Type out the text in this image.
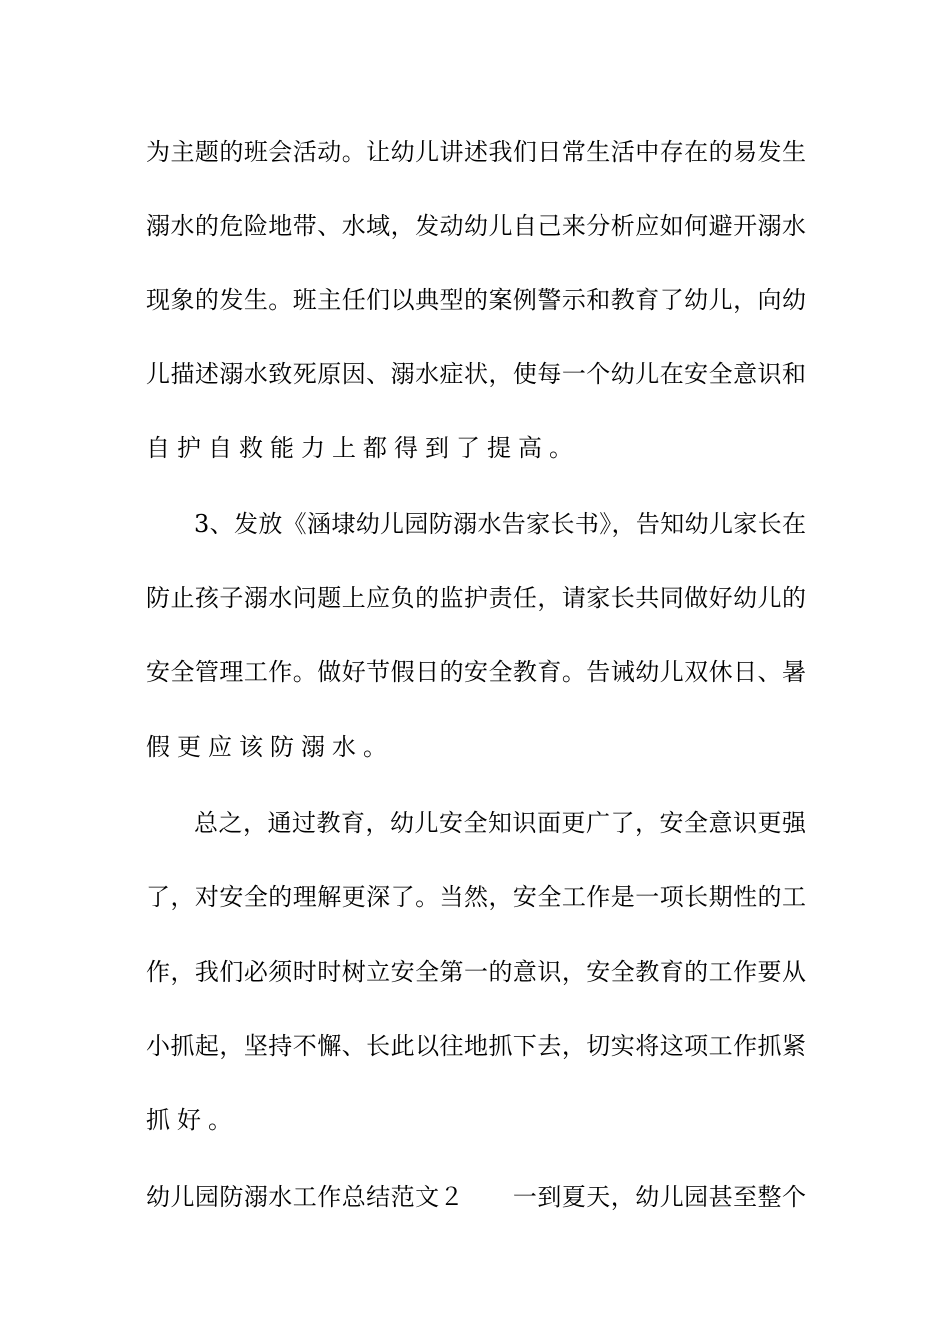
为主题的班会活动。让幼儿讲述我们日常生活中存在的易发生
溺水的危险地带、水域，发动幼儿自己来分析应如何避开溺水
现象的发生。班主任们以典型的案例警示和教育了幼儿，向幼
儿描述溺水致死原因、溺水症状，使每一个幼儿在安全意识和
自护自救能力上都得到了提高。
3、发放《涵埭幼儿园防溺水告家长书》，告知幼儿家长在
防止孩子溺水问题上应负的监护责任，请家长共同做好幼儿的
安全管理工作。做好节假日的安全教育。告诫幼儿双休日、暑
假更应该防溺水。
总之，通过教育，幼儿安全知识面更广了，安全意识更强
了，对安全的理解更深了。当然，安全工作是一项长期性的工
作，我们必须时时树立安全第一的意识，安全教育的工作要从
小抓起，坚持不懈、长此以往地抓下去，切实将这项工作抓紧
抓好。
幼儿园防溺水工作总结范文２　　一到夏天，幼儿园甚至整个
